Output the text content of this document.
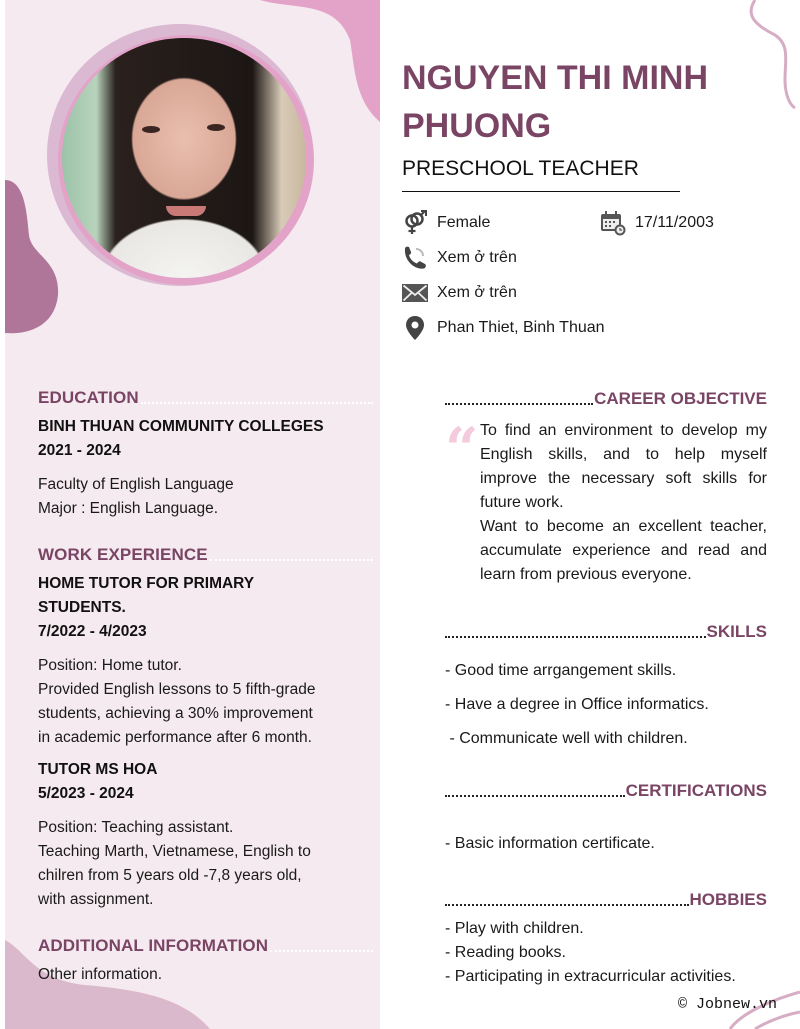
EDUCATION
BINH THUAN COMMUNITY COLLEGES
2021 - 2024
Faculty of English Language
Major : English Language.
WORK EXPERIENCE
HOME TUTOR FOR PRIMARY
STUDENTS.
7/2022 - 4/2023
Position: Home tutor.
Provided English lessons to 5 fifth-grade
students, achieving a 30% improvement
in academic performance after 6 month.
TUTOR MS HOA
5/2023 - 2024
Position: Teaching assistant.
Teaching Marth, Vietnamese, English to
chilren from 5 years old -7,8 years old,
with assignment.
ADDITIONAL INFORMATION
Other information.
NGUYEN THI MINH
PHUONG
PRESCHOOL TEACHER
Female	17/11/2003
Xem ở trên
Xem ở trên
Phan Thiet, Binh Thuan
CAREER OBJECTIVE
“ To find an environment to develop my English skills, and to help myself improve the necessary soft skills for future work.
Want to become an excellent teacher, accumulate experience and read and learn from previous everyone.
SKILLS
- Good time arrgangement skills.
- Have a degree in Office informatics.
- Communicate well with children.
CERTIFICATIONS
- Basic information certificate.
HOBBIES
- Play with children.
- Reading books.
- Participating in extracurricular activities.
© Jobnew.vn
